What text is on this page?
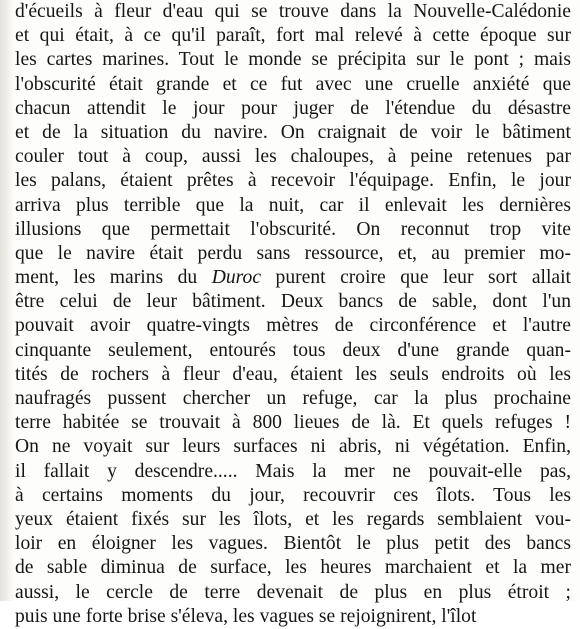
d'écueils à fleur d'eau qui se trouve dans la Nouvelle-Calédonie
et qui était, à ce qu'il paraît, fort mal relevé à cette époque sur
les cartes marines. Tout le monde se précipita sur le pont ; mais
l'obscurité était grande et ce fut avec une cruelle anxiété que
chacun attendit le jour pour juger de l'étendue du désastre
et de la situation du navire. On craignait de voir le bâtiment
couler tout à coup, aussi les chaloupes, à peine retenues par
les palans, étaient prêtes à recevoir l'équipage. Enfin, le jour
arriva plus terrible que la nuit, car il enlevait les dernières
illusions que permettait l'obscurité. On reconnut trop vite
que le navire était perdu sans ressource, et, au premier mo-
ment, les marins du Duroc purent croire que leur sort allait
être celui de leur bâtiment. Deux bancs de sable, dont l'un
pouvait avoir quatre-vingts mètres de circonférence et l'autre
cinquante seulement, entourés tous deux d'une grande quan-
tités de rochers à fleur d'eau, étaient les seuls endroits où les
naufragés pussent chercher un refuge, car la plus prochaine
terre habitée se trouvait à 800 lieues de là. Et quels refuges !
On ne voyait sur leurs surfaces ni abris, ni végétation. Enfin,
il fallait y descendre..... Mais la mer ne pouvait-elle pas,
à certains moments du jour, recouvrir ces îlots. Tous les
yeux étaient fixés sur les îlots, et les regards semblaient vou-
loir en éloigner les vagues. Bientôt le plus petit des bancs
de sable diminua de surface, les heures marchaient et la mer
aussi, le cercle de terre devenait de plus en plus étroit ;
puis une forte brise s'éleva, les vagues se rejoignirent, l'îlot
